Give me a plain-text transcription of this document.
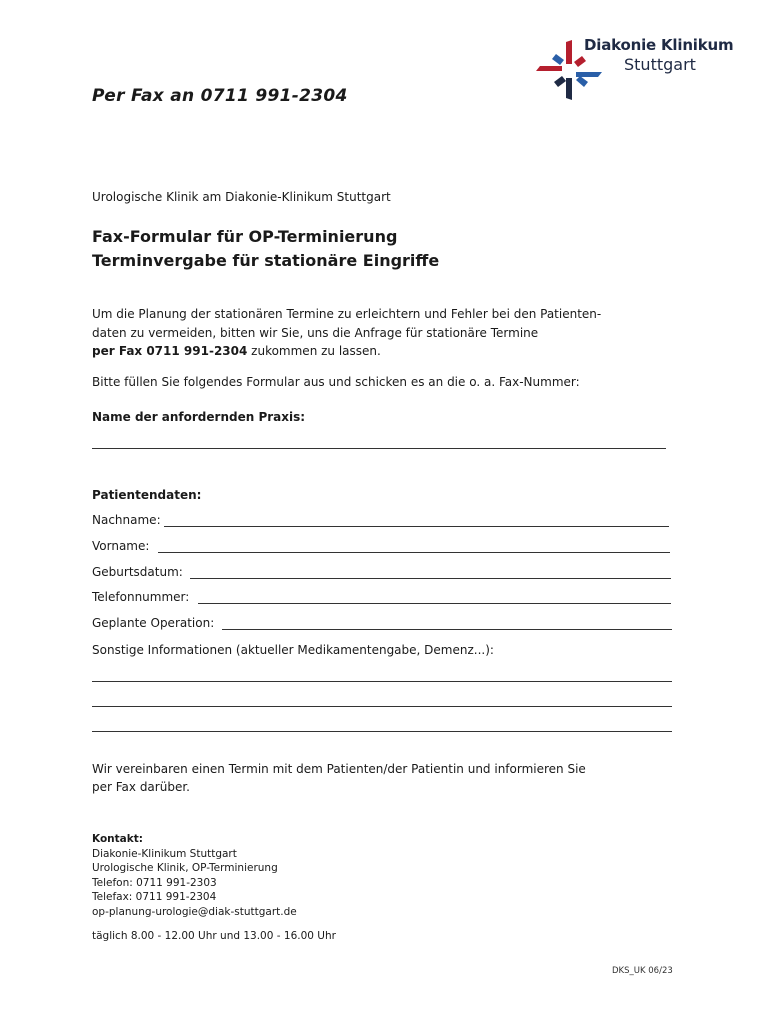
Per Fax an 0711 991-2304
Diakonie Klinikum
Stuttgart
Urologische Klinik am Diakonie-Klinikum Stuttgart
Fax-Formular für OP-Terminierung
Terminvergabe für stationäre Eingriffe
Um die Planung der stationären Termine zu erleichtern und Fehler bei den Patienten-
daten zu vermeiden, bitten wir Sie, uns die Anfrage für stationäre Termine
per Fax 0711 991-2304 zukommen zu lassen.
Bitte füllen Sie folgendes Formular aus und schicken es an die o. a. Fax-Nummer:
Name der anfordernden Praxis:
Patientendaten:
Nachname:
Vorname:
Geburtsdatum:
Telefonnummer:
Geplante Operation:
Sonstige Informationen (aktueller Medikamentengabe, Demenz...):
Wir vereinbaren einen Termin mit dem Patienten/der Patientin und informieren Sie
per Fax darüber.
Kontakt:
Diakonie-Klinikum Stuttgart
Urologische Klinik, OP-Terminierung
Telefon: 0711 991-2303
Telefax: 0711 991-2304
op-planung-urologie@diak-stuttgart.de
täglich 8.00 - 12.00 Uhr und 13.00 - 16.00 Uhr
DKS_UK 06/23
